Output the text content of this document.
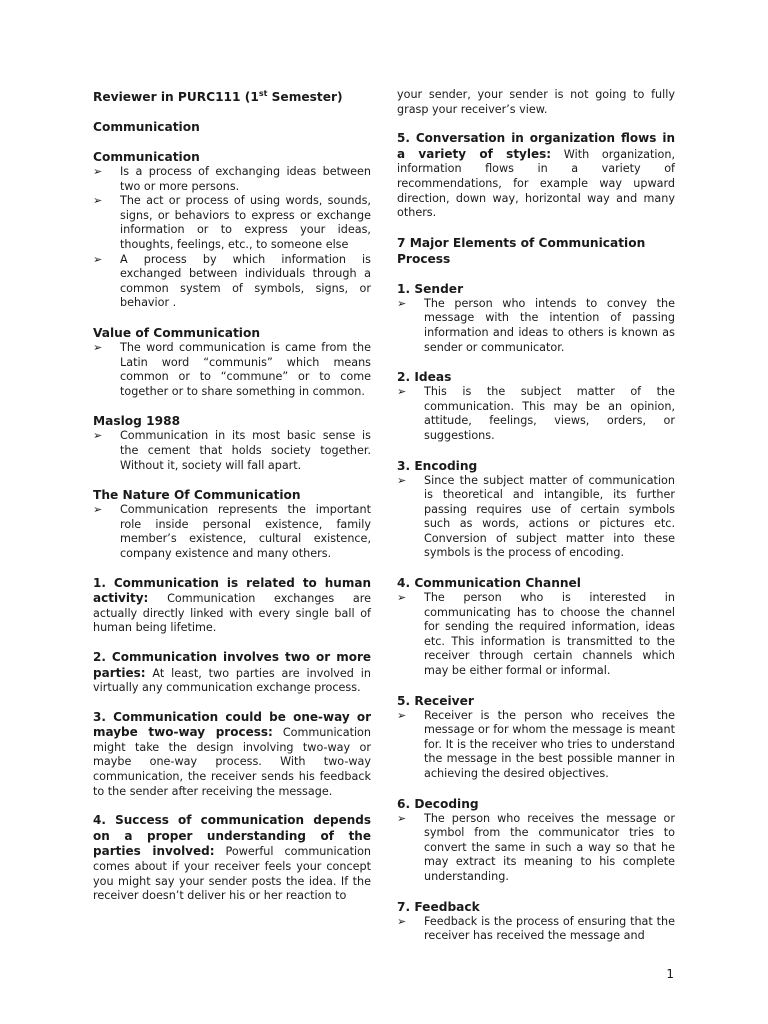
Reviewer in PURC111 (1st Semester)
Communication
Communication
➢ Is a process of exchanging ideas between two or more persons.
➢ The act or process of using words, sounds, signs, or behaviors to express or exchange information or to express your ideas, thoughts, feelings, etc., to someone else
➢ A process by which information is exchanged between individuals through a common system of symbols, signs, or behavior .
Value of Communication
➢ The word communication is came from the Latin word “communis” which means common or to “commune” or to come together or to share something in common.
Maslog 1988
➢ Communication in its most basic sense is the cement that holds society together. Without it, society will fall apart.
The Nature Of Communication
➢ Communication represents the important role inside personal existence, family member’s existence, cultural existence, company existence and many others.

1. Communication is related to human activity: Communication exchanges are actually directly linked with every single ball of human being lifetime.

2. Communication involves two or more parties: At least, two parties are involved in virtually any communication exchange process.

3. Communication could be one-way or maybe two-way process: Communication might take the design involving two-way or maybe one-way process. With two-way communication, the receiver sends his feedback to the sender after receiving the message.

4. Success of communication depends on a proper understanding of the parties involved: Powerful communication comes about if your receiver feels your concept you might say your sender posts the idea. If the receiver doesn’t deliver his or her reaction to

your sender, your sender is not going to fully grasp your receiver’s view.

5. Conversation in organization flows in a variety of styles: With organization, information flows in a variety of recommendations, for example way upward direction, down way, horizontal way and many others.

7 Major Elements of Communication Process
1. Sender
➢ The person who intends to convey the message with the intention of passing information and ideas to others is known as sender or communicator.
2. Ideas
➢ This is the subject matter of the communication. This may be an opinion, attitude, feelings, views, orders, or suggestions.
3. Encoding
➢ Since the subject matter of communication is theoretical and intangible, its further passing requires use of certain symbols such as words, actions or pictures etc. Conversion of subject matter into these symbols is the process of encoding.
4. Communication Channel
➢ The person who is interested in communicating has to choose the channel for sending the required information, ideas etc. This information is transmitted to the receiver through certain channels which may be either formal or informal.
5. Receiver
➢ Receiver is the person who receives the message or for whom the message is meant for. It is the receiver who tries to understand the message in the best possible manner in achieving the desired objectives.
6. Decoding
➢ The person who receives the message or symbol from the communicator tries to convert the same in such a way so that he may extract its meaning to his complete understanding.
7. Feedback
➢ Feedback is the process of ensuring that the receiver has received the message and
1
